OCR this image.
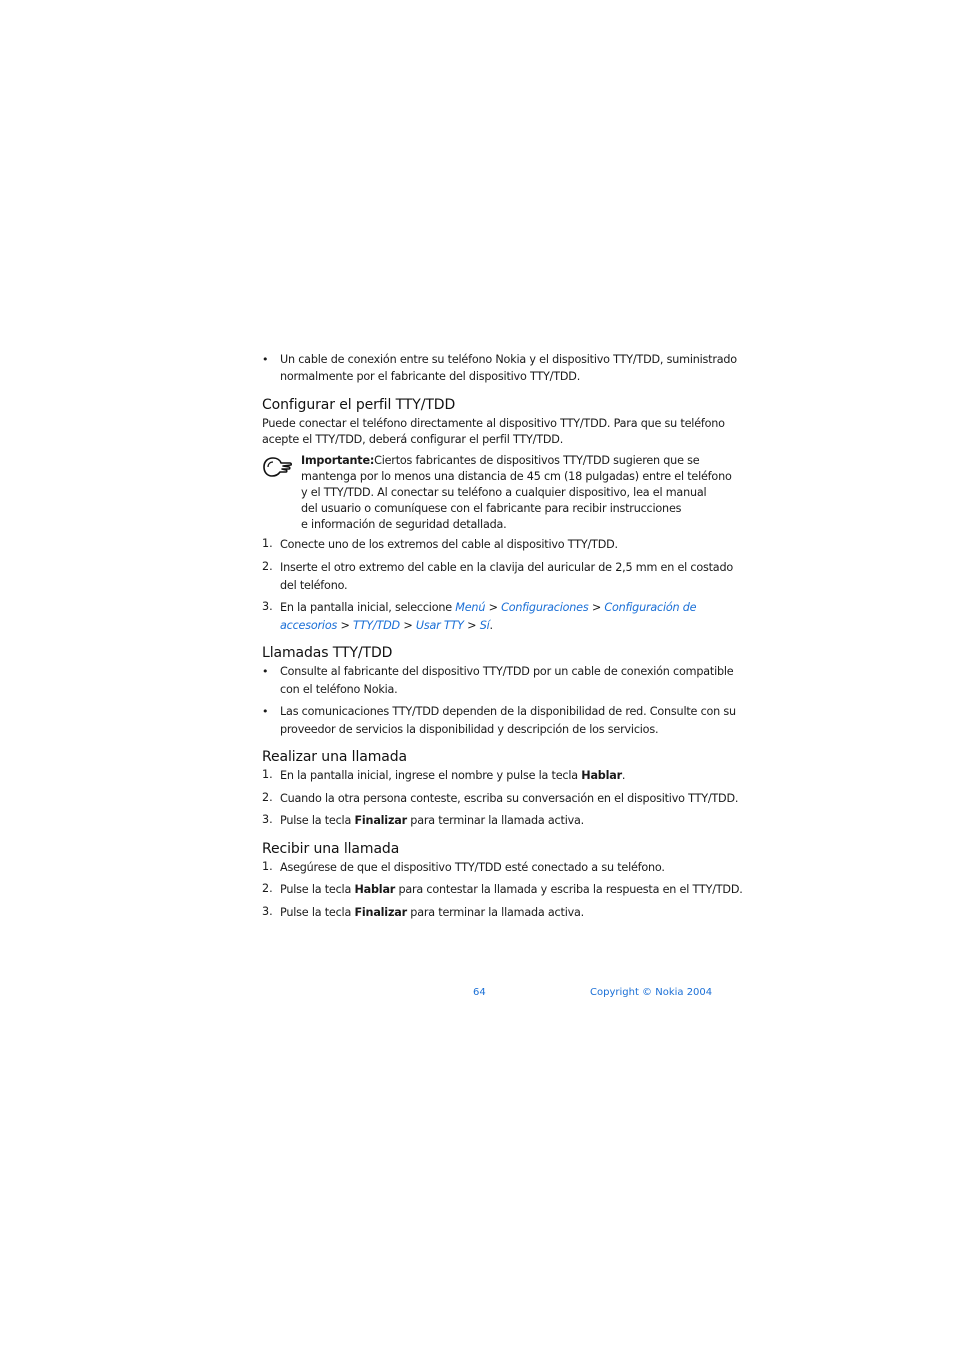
• Un cable de conexión entre su teléfono Nokia y el dispositivo TTY/TDD, suministrado
normalmente por el fabricante del dispositivo TTY/TDD.
Configurar el perfil TTY/TDD
Puede conectar el teléfono directamente al dispositivo TTY/TDD. Para que su teléfono
acepte el TTY/TDD, deberá configurar el perfil TTY/TDD.
Importante:Ciertos fabricantes de dispositivos TTY/TDD sugieren que se
mantenga por lo menos una distancia de 45 cm (18 pulgadas) entre el teléfono
y el TTY/TDD. Al conectar su teléfono a cualquier dispositivo, lea el manual
del usuario o comuníquese con el fabricante para recibir instrucciones
e información de seguridad detallada.
1. Conecte uno de los extremos del cable al dispositivo TTY/TDD.
2. Inserte el otro extremo del cable en la clavija del auricular de 2,5 mm en el costado
del teléfono.
3. En la pantalla inicial, seleccione Menú > Configuraciones > Configuración de
accesorios > TTY/TDD > Usar TTY > Sí.
Llamadas TTY/TDD
• Consulte al fabricante del dispositivo TTY/TDD por un cable de conexión compatible
con el teléfono Nokia.
• Las comunicaciones TTY/TDD dependen de la disponibilidad de red. Consulte con su
proveedor de servicios la disponibilidad y descripción de los servicios.
Realizar una llamada
1. En la pantalla inicial, ingrese el nombre y pulse la tecla Hablar.
2. Cuando la otra persona conteste, escriba su conversación en el dispositivo TTY/TDD.
3. Pulse la tecla Finalizar para terminar la llamada activa.
Recibir una llamada
1. Asegúrese de que el dispositivo TTY/TDD esté conectado a su teléfono.
2. Pulse la tecla Hablar para contestar la llamada y escriba la respuesta en el TTY/TDD.
3. Pulse la tecla Finalizar para terminar la llamada activa.
64	Copyright © Nokia 2004
